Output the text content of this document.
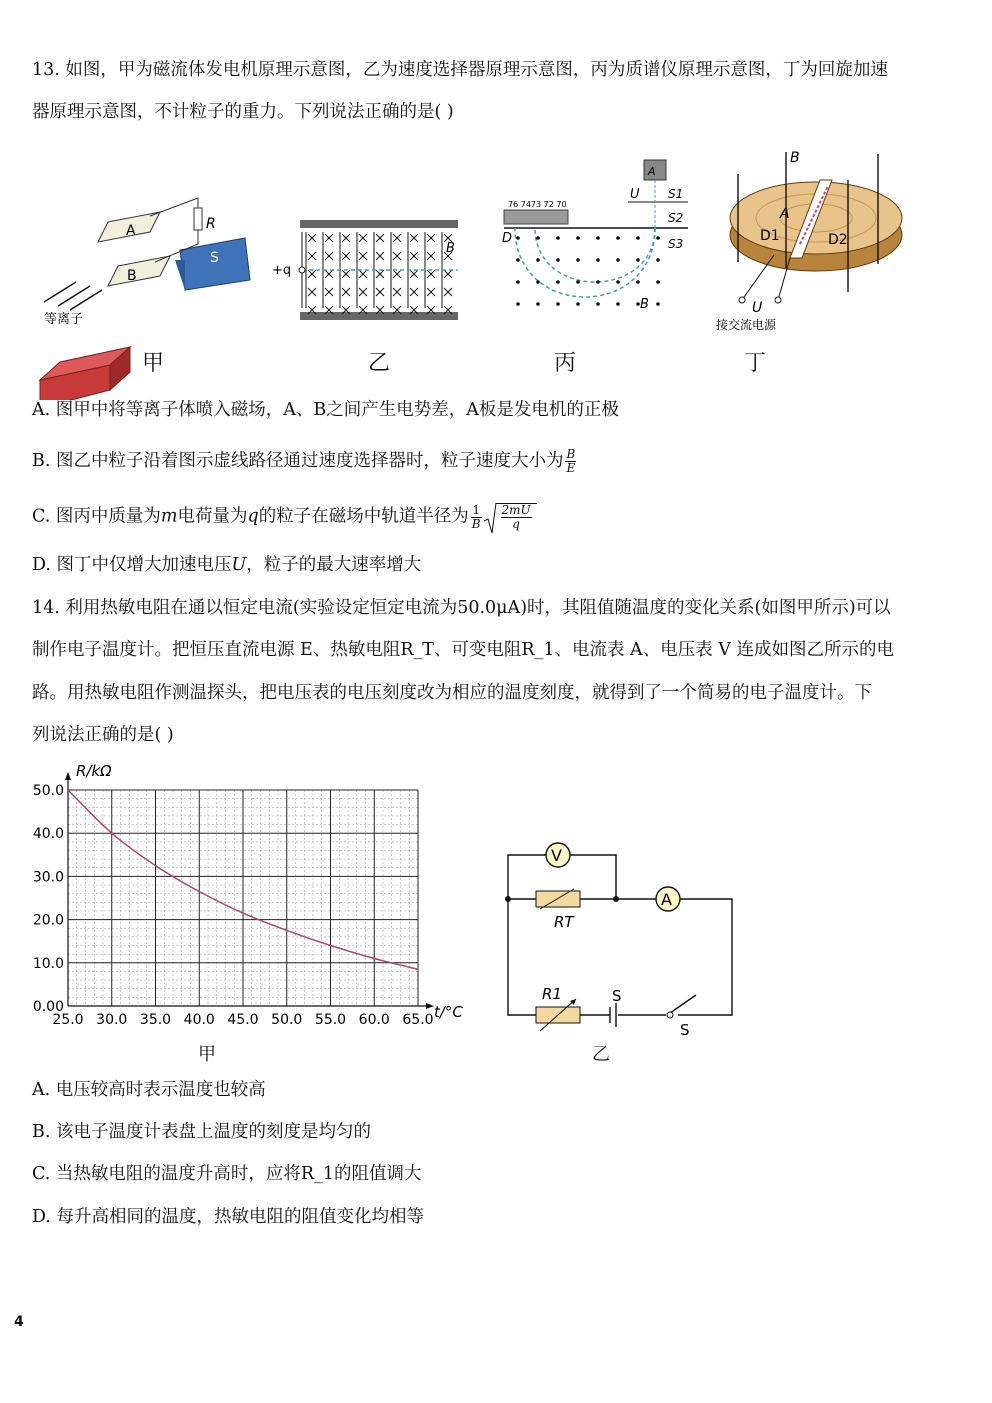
13. 如图，甲为磁流体发电机原理示意图，乙为速度选择器原理示意图，丙为质谱仪原理示意图，丁为回旋加速
器原理示意图，不计粒子的重力。下列说法正确的是( )
N	A
B
S
R
等离子
+q
B
76 7473 72 70
A
U S1
S2
S3
D
B
A
D1	D2
B
U
接交流电源
甲	乙	丙	丁
A. 图甲中将等离子体喷入磁场，A、B之间产生电势差，A板是发电机的正极
B. 图乙中粒子沿着图示虚线路径通过速度选择器时，粒子速度大小为 $\frac{B}{E}$
C. 图丙中质量为m电荷量为q的粒子在磁场中轨道半径为 $\frac{1}{B} \frac{2mU}{q}$
D. 图丁中仅增大加速电压U，粒子的最大速率增大
14. 利用热敏电阻在通以恒定电流(实验设定恒定电流为50.0μA)时，其阻值随温度的变化关系(如图甲所示)可以
制作电子温度计。把恒压直流电源 E、热敏电阻R_T、可变电阻R_1、电流表 A、电压表 V 连成如图乙所示的电
路。用热敏电阻作测温探头，把电压表的电压刻度改为相应的温度刻度，就得到了一个简易的电子温度计。下
列说法正确的是( )
25.0 30.0 35.0 40.0 45.0 50.0 55.0 60.0 65.0
0.00
10.0
20.0
30.0
40.0
50.0
R/kΩ
t/°C
甲
V
A
RT
R1	S
S
乙
A. 电压较高时表示温度也较高
B. 该电子温度计表盘上温度的刻度是均匀的
C. 当热敏电阻的温度升高时，应将R_1的阻值调大
D. 每升高相同的温度，热敏电阻的阻值变化均相等
4
